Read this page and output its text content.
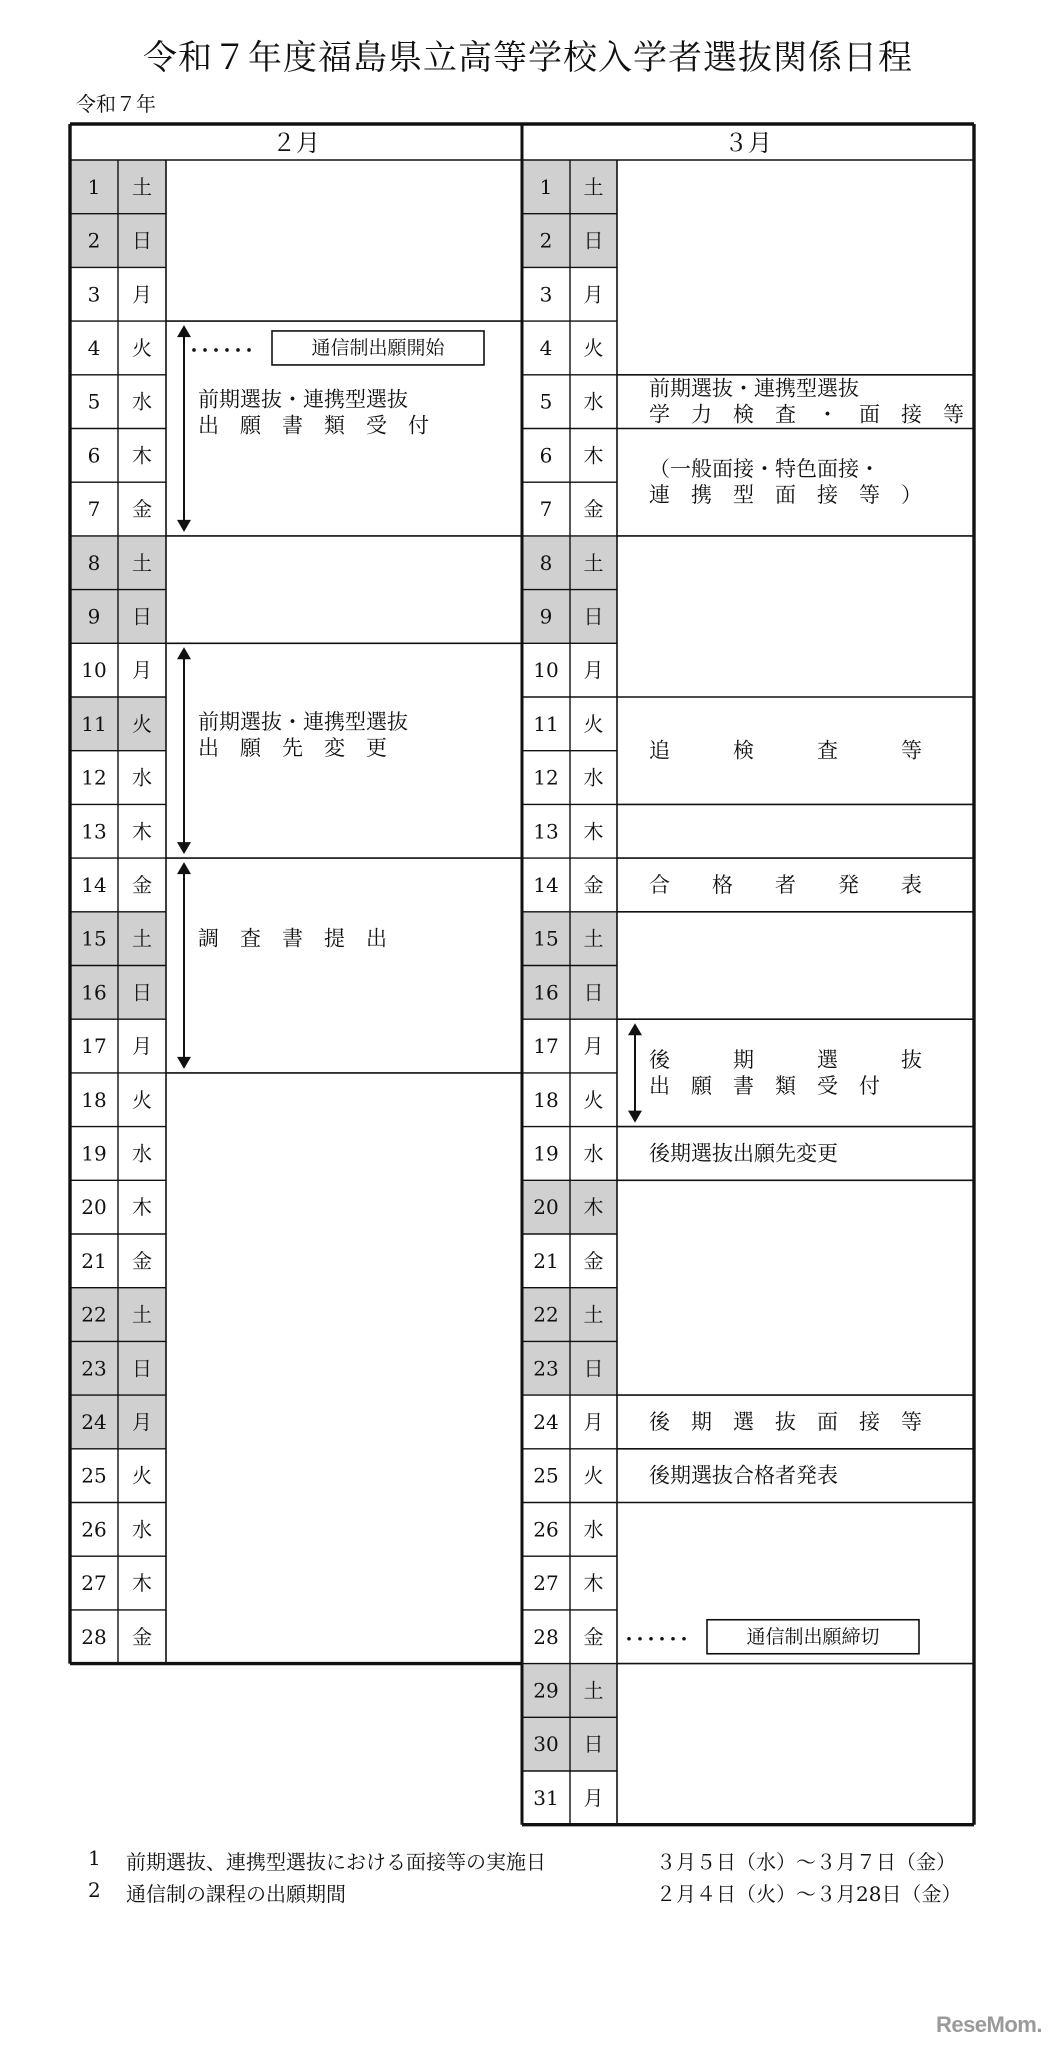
令和７年度福島県立高等学校入学者選抜関係日程
令和７年
1 土
2 日
3 月
4 火
5 水
6 木
7 金
8 土
9 日
10 月
11 火
12 水
13 木
14 金
15 土
16 日
17 月
18 火
19 水
20 木
21 金
22 土
23 日
24 月
25 火
26 水
27 木
28 金
前期選抜・連携型選抜
出　願　書　類　受　付
前期選抜・連携型選抜
出　願　先　変　更
調　査　書　提　出
通信制出願開始
２月
1 土
2 日
3 月
4 火
5 水
6 木
7 金
8 土
9 日
10 月
11 火
12 水
13 木
14 金
15 土
16 日
17 月
18 火
19 水
20 木
21 金
22 土
23 日
24 月
25 火
26 水
27 木
28 金
29 土
30 日
31 月
前期選抜・連携型選抜
学　力　検　査　・　面　接　等
（一般面接・特色面接・
連　携　型　面　接　等　）
追　　　検　　　査　　　等
合　　格　　者　　発　　表
後　　　期　　　選　　　抜
出　願　書　類　受　付
後期選抜出願先変更
後　期　選　抜　面　接　等
後期選抜合格者発表
通信制出願締切
３月
1 前期選抜、連携型選抜における面接等の実施日	３月５日（水）～３月７日（金）
2 通信制の課程の出願期間	２月４日（火）～３月28日（金）
ReseMom.
